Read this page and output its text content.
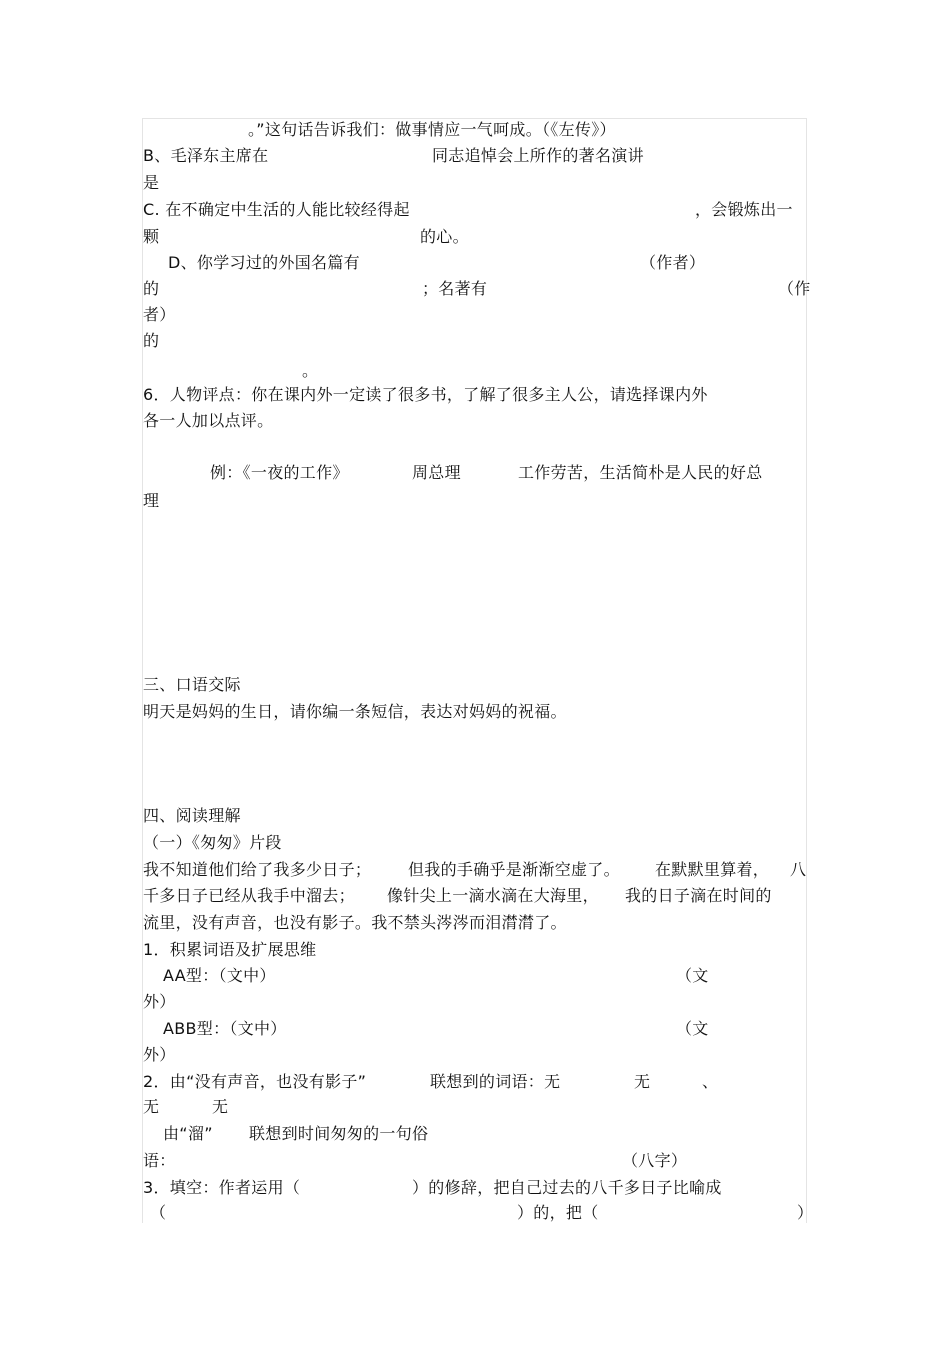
。”这句话告诉我们：做事情应一气呵成。（《左传》）
B、毛泽东主席在	同志追悼会上所作的著名演讲
是
C. 在不确定中生活的人能比较经得起	，会锻炼出一
颗	的心。
D、你学习过的外国名篇有	（作者）
的	；名著有	（作
者）
的
。
6．人物评点：你在课内外一定读了很多书，了解了很多主人公，请选择课内外
各一人加以点评。
例：《一夜的工作》	周总理	工作劳苦，生活简朴是人民的好总
理
三、口语交际
明天是妈妈的生日，请你编一条短信，表达对妈妈的祝福。
四、阅读理解
（一）《匆匆》片段
我不知道他们给了我多少日子； 但我的手确乎是渐渐空虚了。 在默默里算着， 八
千多日子已经从我手中溜去； 像针尖上一滴水滴在大海里， 我的日子滴在时间的
流里，没有声音，也没有影子。我不禁头涔涔而泪潸潸了。
1．积累词语及扩展思维
AA型：（文中）	（文
外）
ABB型：（文中）	（文
外）
2．由“没有声音，也没有影子”	联想到的词语：无	无	、
无	无
由“溜” 联想到时间匆匆的一句俗
语：	（八字）
3．填空：作者运用（	）的修辞，把自己过去的八千多日子比喻成
（	）的，把（	）
